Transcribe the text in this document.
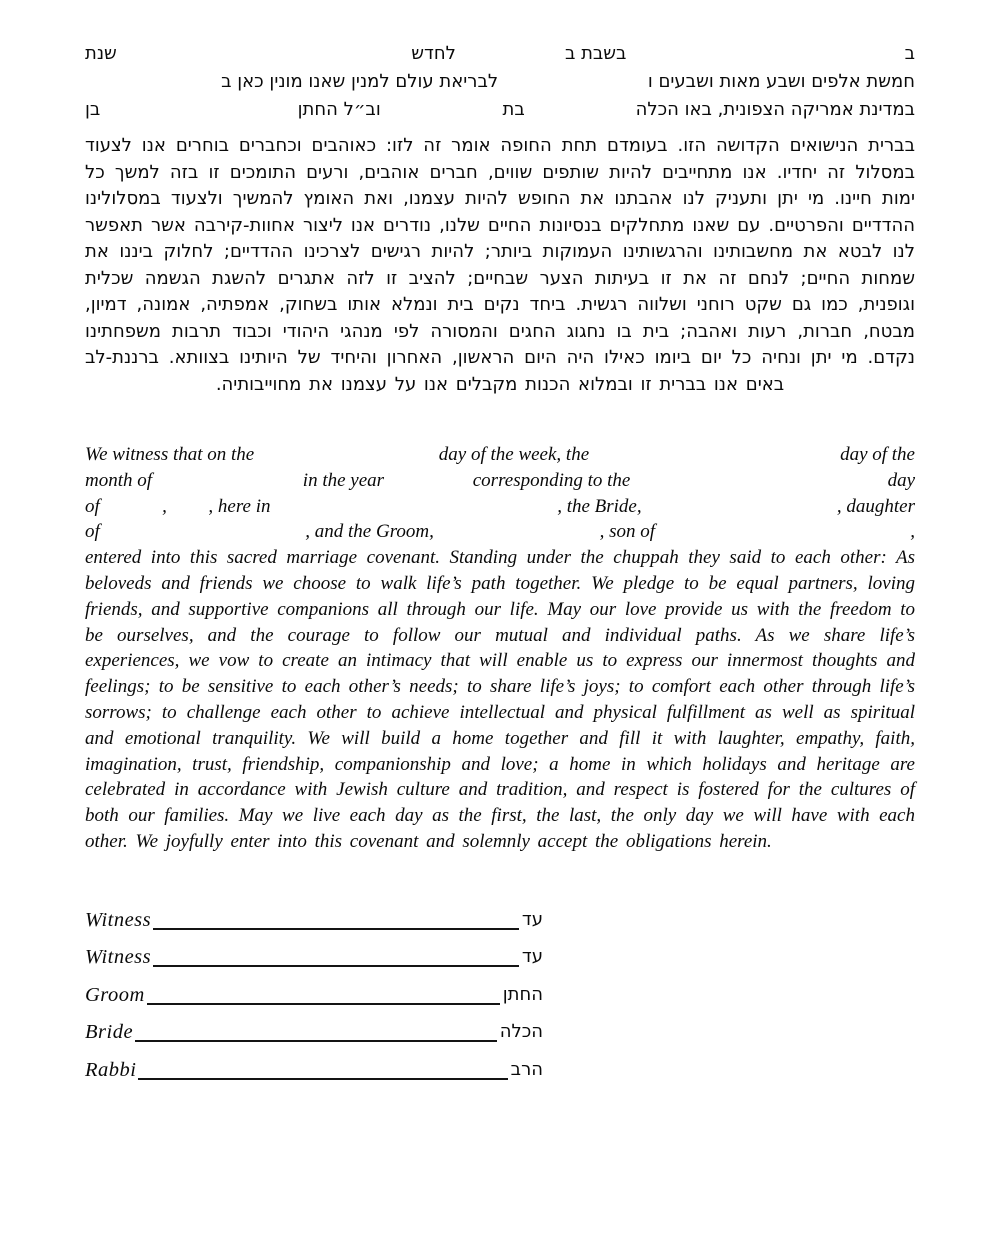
ב
בשבת ב
לחדש
שנת
חמשת אלפים ושבע מאות ושבעים ו
לבריאת עולם למנין שאנו מונין כאן ב
במדינת אמריקה הצפונית, באו הכלה
בת
וב״ל החתן
בן

בברית הנישואים הקדושה הזו. בעומדם תחת החופה אומר זה לזו: כאוהבים וכחברים בוחרים אנו לצעוד במסלול זה יחדיו. אנו מתחייבים להיות שותפים שווים, חברים אוהבים, ורעים התומכים זו בזה למשך כל ימות חיינו. מי יתן ותעניק לנו אהבתנו את החופש להיות עצמנו, ואת האומץ להמשיך ולצעוד במסלולינו ההדדיים והפרטיים. עם שאנו מתחלקים בנסיונות החיים שלנו, נודרים אנו ליצור אחוות-קירבה אשר תאפשר לנו לבטא את מחשבותינו והרגשותינו העמוקות ביותר; להיות רגישים לצרכינו ההדדיים; לחלוק ביננו את שמחות החיים; לנחם זה את זו בעיתות הצער שבחיים; להציב זו לזה אתגרים להשגת הגשמה שכלית וגופנית, כמו גם שקט רוחני ושלווה רגשית. ביחד נקים בית ונמלא אותו בשחוק, אמפתיה, אמונה, דמיון, מבטח, חברות, רעות ואהבה; בית בו נחגוג החגים והמסורה לפי מנהגי היהודי וכבוד תרבות משפחתינו נקדם. מי יתן ונחיה כל יום ביומו כאילו היה היום הראשון, האחרון והיחיד של היותינו בצוותא. ברננת-לב באים אנו בברית זו ובמלוא הכנות מקבלים אנו על עצמנו את מחוייבותיה.

We witness that on the	day of the week, the	day of the
month of	in the year	corresponding to the	day
of	, , here in	, the Bride,	, daughter
of	, and the Groom,	, son of	,

entered into this sacred marriage covenant. Standing under the chuppah they said to each other: As beloveds and friends we choose to walk life’s path together. We pledge to be equal partners, loving friends, and supportive companions all through our life. May our love provide us with the freedom to be ourselves, and the courage to follow our mutual and individual paths. As we share life’s experiences, we vow to create an intimacy that will enable us to express our innermost thoughts and feelings; to be sensitive to each other’s needs; to share life’s joys; to comfort each other through life’s sorrows; to challenge each other to achieve intellectual and physical fulfillment as well as spiritual and emotional tranquility. We will build a home together and fill it with laughter, empathy, faith, imagination, trust, friendship, companionship and love; a home in which holidays and heritage are celebrated in accordance with Jewish culture and tradition, and respect is fostered for the cultures of both our families. May we live each day as the first, the last, the only day we will have with each other. We joyfully enter into this covenant and solemnly accept the obligations herein.

Witness	עד
Witness	עד
Groom	החתן
Bride	הכלה
Rabbi	הרב
